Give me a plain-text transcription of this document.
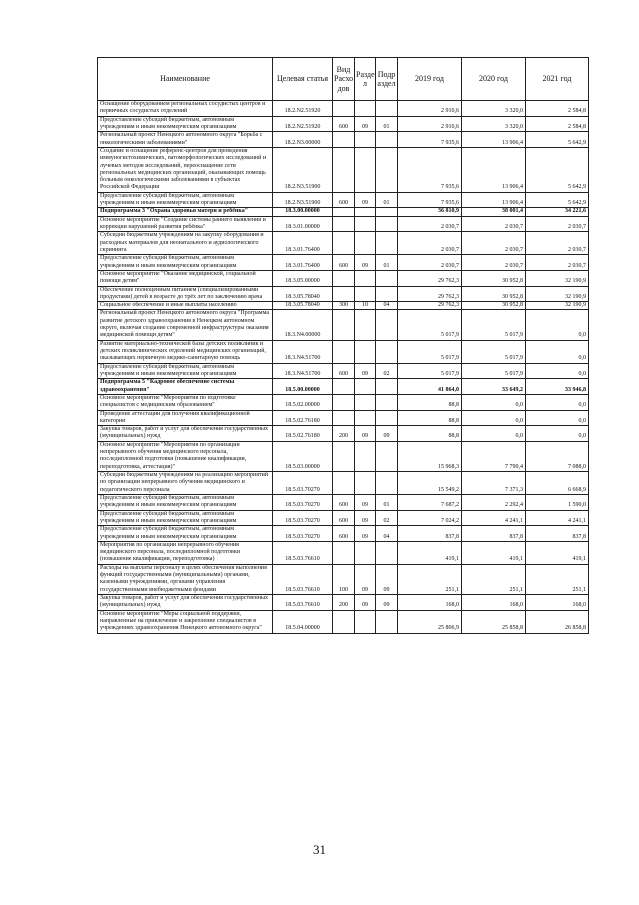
Наименование	Целевая статья	Вид Расхо дов	Разде л	Подр аздел	2019 год	2020 год	2021 год
Оснащение оборудованием региональных сосудистых центров и первичных сосудистых отделений	18.2.N2.51920				2 910,6	3 320,0	2 584,8
Предоставление субсидий бюджетным, автономным учреждениям и иным некоммерческим организациям	18.2.N2.51920	600	09	01	2 910,6	3 320,0	2 584,8
Региональный проект Ненецкого автономного округа "Борьба с онкологическими заболеваниями"	18.2.N3.00000				7 935,6	13 906,4	5 642,9
Создание и оснащение референс-центров для проведения иммуногистохимических, патоморфологических исследований и лучевых методов исследований, переоснащение сети региональных медицинских организаций, оказывающих помощь больным онкологическими заболеваниями в субъектах Российской Федерации	18.2.N3.51900				7 935,6	13 906,4	5 642,9
Предоставление субсидий бюджетным, автономным учреждениям и иным некоммерческим организациям	18.2.N3.51900	600	09	01	7 935,6	13 906,4	5 642,9
Подпрограмма 3 "Охрана здоровья матери и ребёнка"	18.3.00.00000				36 810,9	38 001,4	34 221,6
Основное мероприятие "Создание системы раннего выявления и коррекции нарушений развития ребёнка"	18.3.01.00000				2 030,7	2 030,7	2 030,7
Субсидии бюджетным учреждениям на закупку оборудования и расходных материалов для неонатального и аудиологического скрининга	18.3.01.76400				2 030,7	2 030,7	2 030,7
Предоставление субсидий бюджетным, автономным учреждениям и иным некоммерческим организациям	18.3.01.76400	600	09	01	2 030,7	2 030,7	2 030,7
Основное мероприятие "Оказание медицинской, социальной помощи детям"	18.3.05.00000				29 762,3	30 952,8	32 190,9
Обеспечение полноценным питанием (специализированными продуктами) детей в возрасте до трёх лет по заключению врача	18.3.05.78040				29 762,3	30 952,8	32 190,9
Социальное обеспечение и иные выплаты населению	18.3.05.78040	300	10	04	29 762,3	30 952,8	32 190,9
Региональный проект Ненецкого автономного округа "Программа развитие детского здравоохранения в Ненецком автономном округе, включая создание современной инфраструктуры оказания медицинской помощи детям"	18.3.N4.00000				5 017,9	5 017,9	0,0
Развитие материально-технической базы детских поликлиник и детских поликлинических отделений медицинских организаций, оказывающих первичную медико-санитарную помощь	18.3.N4.51700				5 017,9	5 017,9	0,0
Предоставление субсидий бюджетным, автономным учреждениям и иным некоммерческим организациям	18.3.N4.51700	600	09	02	5 017,9	5 017,9	0,0
Подпрограмма 5 "Кадровое обеспечение системы здравоохранения"	18.5.00.00000				41 864,0	33 649,2	33 946,8
Основное мероприятие "Мероприятия по подготовке специалистов с медицинским образованием"	18.5.02.00000				88,8	0,0	0,0
Проведение аттестации для получения квалификационной категории	18.5.02.76180				88,8	0,0	0,0
Закупка товаров, работ и услуг для обеспечения государственных (муниципальных) нужд	18.5.02.76180	200	09	09	88,8	0,0	0,0
Основное мероприятие "Мероприятия по организации непрерывного обучения медицинского персонала, последипломной подготовки (повышение квалификации, переподготовка, аттестация)"	18.5.03.00000				15 968,3	7 790,4	7 088,0
Субсидии бюджетным учреждениям на реализацию мероприятий по организации непрерывного обучения медицинского и педагогического персонала	18.5.03.70270				15 549,2	7 371,3	6 668,9
Предоставление субсидий бюджетным, автономным учреждениям и иным некоммерческим организациям	18.5.03.70270	600	09	01	7 687,2	2 292,4	1 590,0
Предоставление субсидий бюджетным, автономным учреждениям и иным некоммерческим организациям	18.5.03.70270	600	09	02	7 024,2	4 241,1	4 241,1
Предоставление субсидий бюджетным, автономным учреждениям и иным некоммерческим организациям	18.5.03.70270	600	09	04	837,8	837,8	837,8
Мероприятия по организации непрерывного обучения медицинского персонала, последипломной подготовки (повышение квалификации, переподготовка)	18.5.03.76610				419,1	419,1	419,1
Расходы на выплаты персоналу в целях обеспечения выполнения функций государственными (муниципальными) органами, казенными учреждениями, органами управления государственными внебюджетными фондами	18.5.03.76610	100	09	09	251,1	251,1	251,1
Закупка товаров, работ и услуг для обеспечения государственных (муниципальных) нужд	18.5.03.76610	200	09	09	168,0	168,0	168,0
Основное мероприятие "Меры социальной поддержки, направленные на привлечение и закрепление специалистов в учреждениях здравоохранения Ненецкого автономного округа"	18.5.04.00000				25 806,9	25 858,8	26 858,8
31
